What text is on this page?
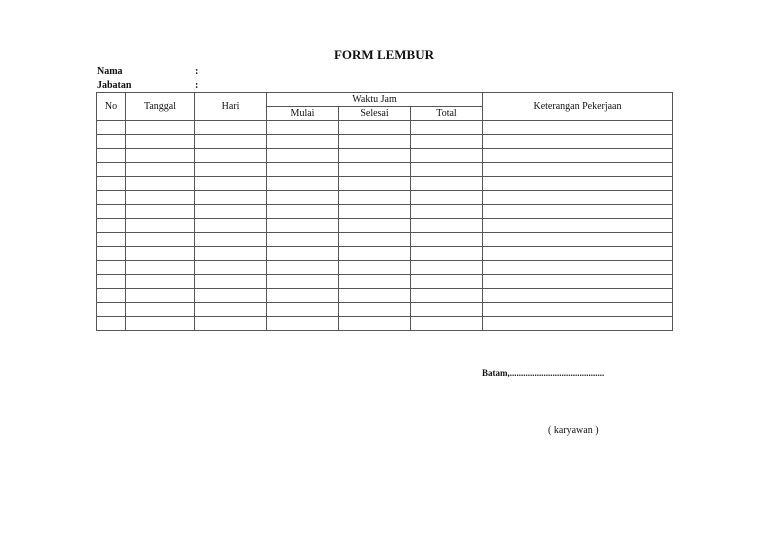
FORM LEMBUR
Nama	:
Jabatan	:
No	Tanggal	Hari	Waktu Jam			Keterangan Pekerjaan
			Mulai	Selesai	Total	

Batam,..........................................
( karyawan )
